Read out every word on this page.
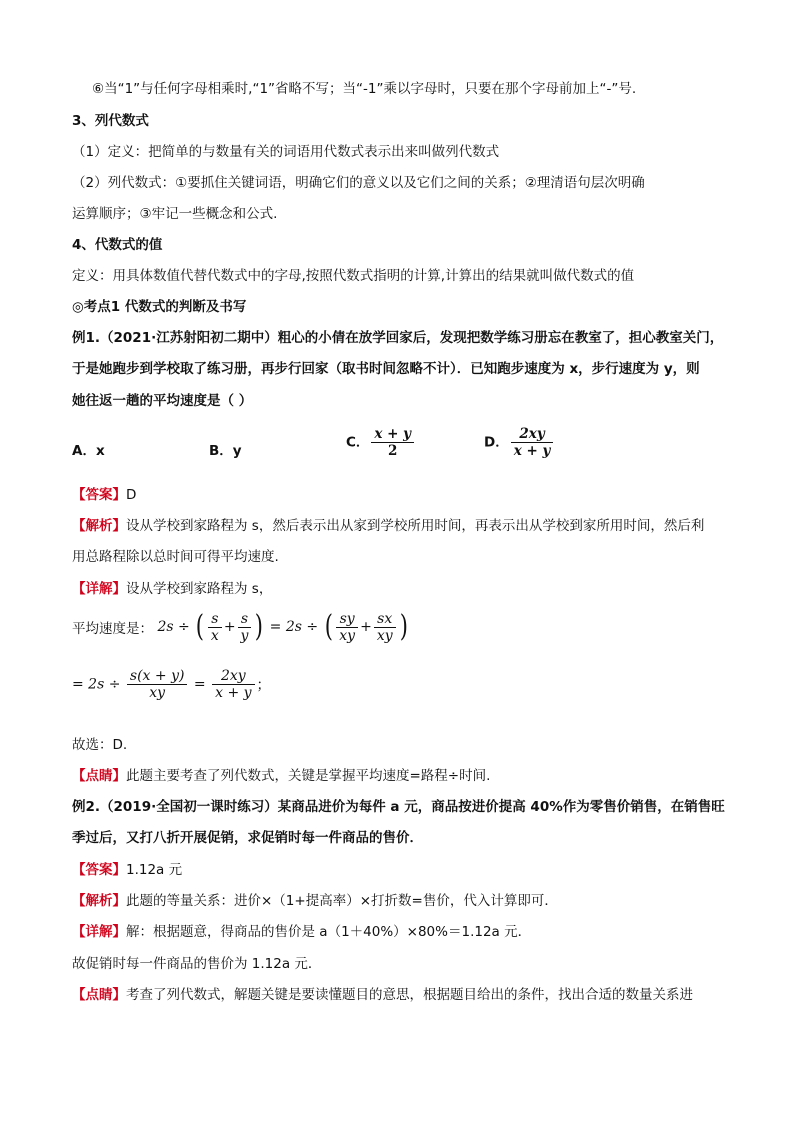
⑥当“1”与任何字母相乘时,“1”省略不写；当“-1”乘以字母时，只要在那个字母前加上“-”号.
3、列代数式
（1）定义：把简单的与数量有关的词语用代数式表示出来叫做列代数式
（2）列代数式：①要抓住关键词语，明确它们的意义以及它们之间的关系；②理清语句层次明确
运算顺序；③牢记一些概念和公式.
4、代数式的值
定义：用具体数值代替代数式中的字母,按照代数式指明的计算,计算出的结果就叫做代数式的值
◎考点1 代数式的判断及书写
例1.（2021·江苏射阳初二期中）粗心的小倩在放学回家后，发现把数学练习册忘在教室了，担心教室关门，
于是她跑步到学校取了练习册，再步行回家（取书时间忽略不计）．已知跑步速度为 x，步行速度为 y，则
她往返一趟的平均速度是（ ）
A．x	B．y
C． $\frac{x + y}{2}$	D． $\frac{2xy}{x + y}$
【答案】D
【解析】设从学校到家路程为 s，然后表示出从家到学校所用时间，再表示出从学校到家所用时间，然后利
用总路程除以总时间可得平均速度.
【详解】设从学校到家路程为 s，
平均速度是： 2s ÷ ( $\frac{s}{x} + \frac{s}{y}$ ) = 2s ÷ ( $\frac{sy}{xy} + \frac{sx}{xy}$ )
= $2s \div \frac{s(x + y)}{xy} = \frac{2xy}{x + y}$ ；
故选：D.
【点睛】此题主要考查了列代数式，关键是掌握平均速度=路程÷时间.
例2.（2019·全国初一课时练习）某商品进价为每件 a 元，商品按进价提高 40%作为零售价销售，在销售旺
季过后，又打八折开展促销，求促销时每一件商品的售价．
【答案】1.12a 元
【解析】此题的等量关系：进价×（1+提高率）×打折数=售价，代入计算即可．
【详解】解：根据题意，得商品的售价是 a（1＋40%）×80%＝1.12a 元．
故促销时每一件商品的售价为 1.12a 元．
【点睛】考查了列代数式，解题关键是要读懂题目的意思，根据题目给出的条件，找出合适的数量关系进
